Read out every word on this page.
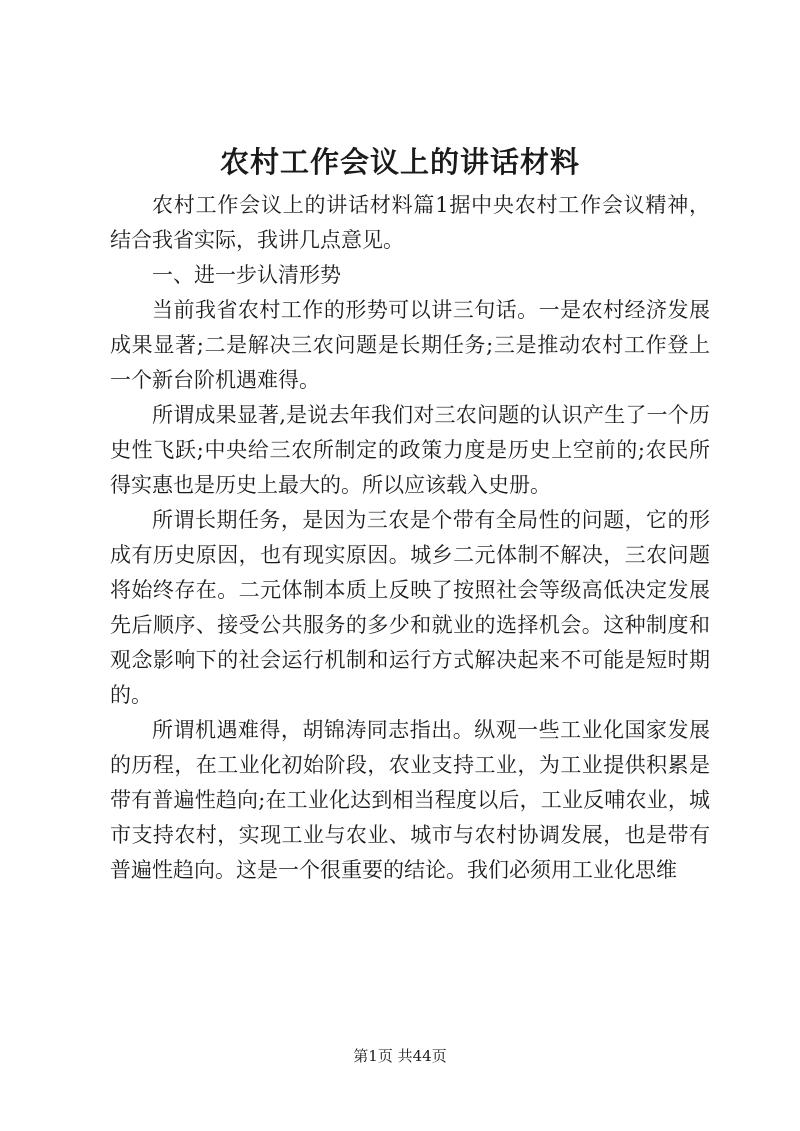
农村工作会议上的讲话材料

农村工作会议上的讲话材料篇1据中央农村工作会议精神，结合我省实际，我讲几点意见。

一、进一步认清形势

当前我省农村工作的形势可以讲三句话。一是农村经济发展成果显著;二是解决三农问题是长期任务;三是推动农村工作登上一个新台阶机遇难得。

所谓成果显著,是说去年我们对三农问题的认识产生了一个历史性飞跃;中央给三农所制定的政策力度是历史上空前的;农民所得实惠也是历史上最大的。所以应该载入史册。

所谓长期任务，是因为三农是个带有全局性的问题，它的形成有历史原因，也有现实原因。城乡二元体制不解决，三农问题将始终存在。二元体制本质上反映了按照社会等级高低决定发展先后顺序、接受公共服务的多少和就业的选择机会。这种制度和观念影响下的社会运行机制和运行方式解决起来不可能是短时期的。

所谓机遇难得，胡锦涛同志指出。纵观一些工业化国家发展的历程，在工业化初始阶段，农业支持工业，为工业提供积累是带有普遍性趋向;在工业化达到相当程度以后，工业反哺农业，城市支持农村，实现工业与农业、城市与农村协调发展，也是带有普遍性趋向。这是一个很重要的结论。我们必须用工业化思维

第1页 共44页
